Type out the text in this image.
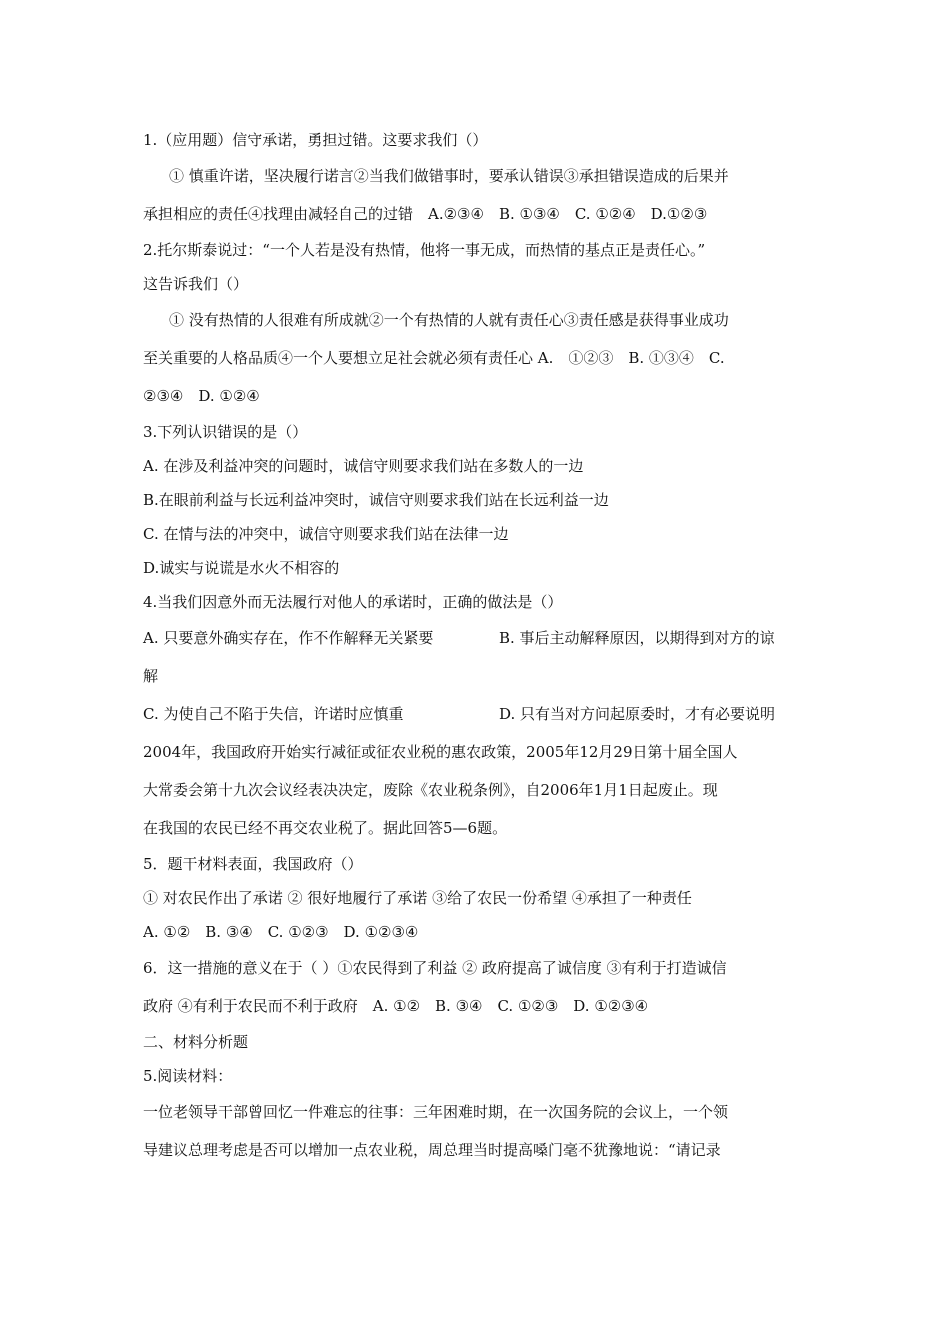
1.（应用题）信守承诺，勇担过错。这要求我们（）
① 慎重许诺，坚决履行诺言②当我们做错事时，要承认错误③承担错误造成的后果并
承担相应的责任④找理由减轻自己的过错　A.②③④　B. ①③④　C. ①②④　D.①②③
2.托尔斯泰说过：“一个人若是没有热情，他将一事无成，而热情的基点正是责任心。”
这告诉我们（）
① 没有热情的人很难有所成就②一个有热情的人就有责任心③责任感是获得事业成功
至关重要的人格品质④一个人要想立足社会就必须有责任心 A.　①②③　B. ①③④　C.
②③④　D. ①②④
3.下列认识错误的是（）
A. 在涉及利益冲突的问题时，诚信守则要求我们站在多数人的一边
B.在眼前利益与长远利益冲突时，诚信守则要求我们站在长远利益一边
C. 在情与法的冲突中，诚信守则要求我们站在法律一边
D.诚实与说谎是水火不相容的
4.当我们因意外而无法履行对他人的承诺时，正确的做法是（）
A. 只要意外确实存在，作不作解释无关紧要	B. 事后主动解释原因，以期得到对方的谅
解
C. 为使自己不陷于失信，许诺时应慎重	D. 只有当对方问起原委时，才有必要说明
2004年，我国政府开始实行减征或征农业税的惠农政策，2005年12月29日第十届全国人
大常委会第十九次会议经表决决定，废除《农业税条例》，自2006年1月1日起废止。现
在我国的农民已经不再交农业税了。据此回答5—6题。
5．题干材料表面，我国政府（）
① 对农民作出了承诺 ② 很好地履行了承诺 ③给了农民一份希望 ④承担了一种责任
A. ①②　B. ③④　C. ①②③　D. ①②③④
6．这一措施的意义在于（ ）①农民得到了利益 ② 政府提高了诚信度 ③有利于打造诚信
政府 ④有利于农民而不利于政府　A. ①②　B. ③④　C. ①②③　D. ①②③④
二、材料分析题
5.阅读材料：
一位老领导干部曾回忆一件难忘的往事：三年困难时期，在一次国务院的会议上，一个领
导建议总理考虑是否可以增加一点农业税，周总理当时提高嗓门毫不犹豫地说：“请记录
